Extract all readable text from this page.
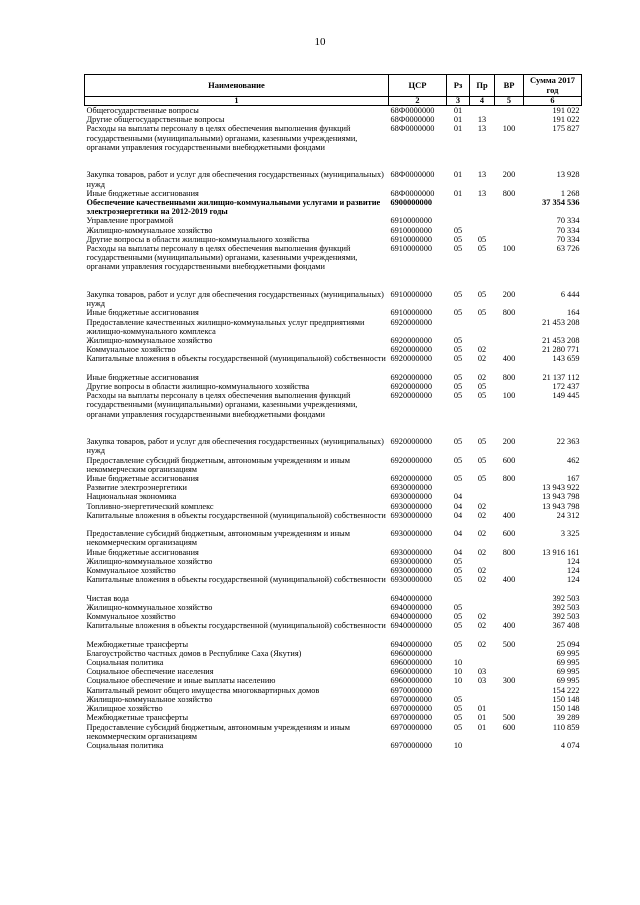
10
Наименование	ЦСР	Рз	Пр	ВР	Сумма 2017 год
1	2	3	4	5	6
Общегосударственные вопросы	68Ф0000000	01			191 022
Другие общегосударственные вопросы	68Ф0000000	01	13		191 022
Расходы на выплаты персоналу в целях обеспечения выполнения функций государственными (муниципальными) органами, казенными учреждениями, органами управления государственными внебюджетными фондами	68Ф0000000	01	13	100	175 827

Закупка товаров, работ и услуг для обеспечения государственных (муниципальных) нужд	68Ф0000000	01	13	200	13 928
Иные бюджетные ассигнования	68Ф0000000	01	13	800	1 268
Обеспечение качественными жилищно-коммунальными услугами и развитие электроэнергетики на 2012-2019 годы	6900000000				37 354 536
Управление программой	6910000000				70 334
Жилищно-коммунальное хозяйство	6910000000	05			70 334
Другие вопросы в области жилищно-коммунального хозяйства	6910000000	05	05		70 334
Расходы на выплаты персоналу в целях обеспечения выполнения функций государственными (муниципальными) органами, казенными учреждениями, органами управления государственными внебюджетными фондами	6910000000	05	05	100	63 726

Закупка товаров, работ и услуг для обеспечения государственных (муниципальных) нужд	6910000000	05	05	200	6 444
Иные бюджетные ассигнования	6910000000	05	05	800	164
Предоставление качественных жилищно-коммунальных услуг предприятиями жилищно-коммунального комплекса	6920000000				21 453 208
Жилищно-коммунальное хозяйство	6920000000	05			21 453 208
Коммунальное хозяйство	6920000000	05	02		21 280 771
Капитальные вложения в объекты государственной (муниципальной) собственности	6920000000	05	02	400	143 659
Иные бюджетные ассигнования	6920000000	05	02	800	21 137 112
Другие вопросы в области жилищно-коммунального хозяйства	6920000000	05	05		172 437
Расходы на выплаты персоналу в целях обеспечения выполнения функций государственными (муниципальными) органами, казенными учреждениями, органами управления государственными внебюджетными фондами	6920000000	05	05	100	149 445

Закупка товаров, работ и услуг для обеспечения государственных (муниципальных) нужд	6920000000	05	05	200	22 363
Предоставление субсидий бюджетным, автономным учреждениям и иным некоммерческим организациям	6920000000	05	05	600	462
Иные бюджетные ассигнования	6920000000	05	05	800	167
Развитие электроэнергетики	6930000000				13 943 922
Национальная экономика	6930000000	04			13 943 798
Топливно-энергетический комплекс	6930000000	04	02		13 943 798
Капитальные вложения в объекты государственной (муниципальной) собственности	6930000000	04	02	400	24 312
Предоставление субсидий бюджетным, автономным учреждениям и иным некоммерческим организациям	6930000000	04	02	600	3 325
Иные бюджетные ассигнования	6930000000	04	02	800	13 916 161
Жилищно-коммунальное хозяйство	6930000000	05			124
Коммунальное хозяйство	6930000000	05	02		124
Капитальные вложения в объекты государственной (муниципальной) собственности	6930000000	05	02	400	124
Чистая вода	6940000000				392 503
Жилищно-коммунальное хозяйство	6940000000	05			392 503
Коммунальное хозяйство	6940000000	05	02		392 503
Капитальные вложения в объекты государственной (муниципальной) собственности	6940000000	05	02	400	367 408
Межбюджетные трансферты	6940000000	05	02	500	25 094
Благоустройство частных домов в Республике Саха (Якутия)	6960000000				69 995
Социальная политика	6960000000	10			69 995
Социальное обеспечение населения	6960000000	10	03		69 995
Социальное обеспечение и иные выплаты населению	6960000000	10	03	300	69 995
Капитальный ремонт общего имущества многоквартирных домов	6970000000				154 222
Жилищно-коммунальное хозяйство	6970000000	05			150 148
Жилищное хозяйство	6970000000	05	01		150 148
Межбюджетные трансферты	6970000000	05	01	500	39 289
Предоставление субсидий бюджетным, автономным учреждениям и иным некоммерческим организациям	6970000000	05	01	600	110 859
Социальная политика	6970000000	10			4 074
